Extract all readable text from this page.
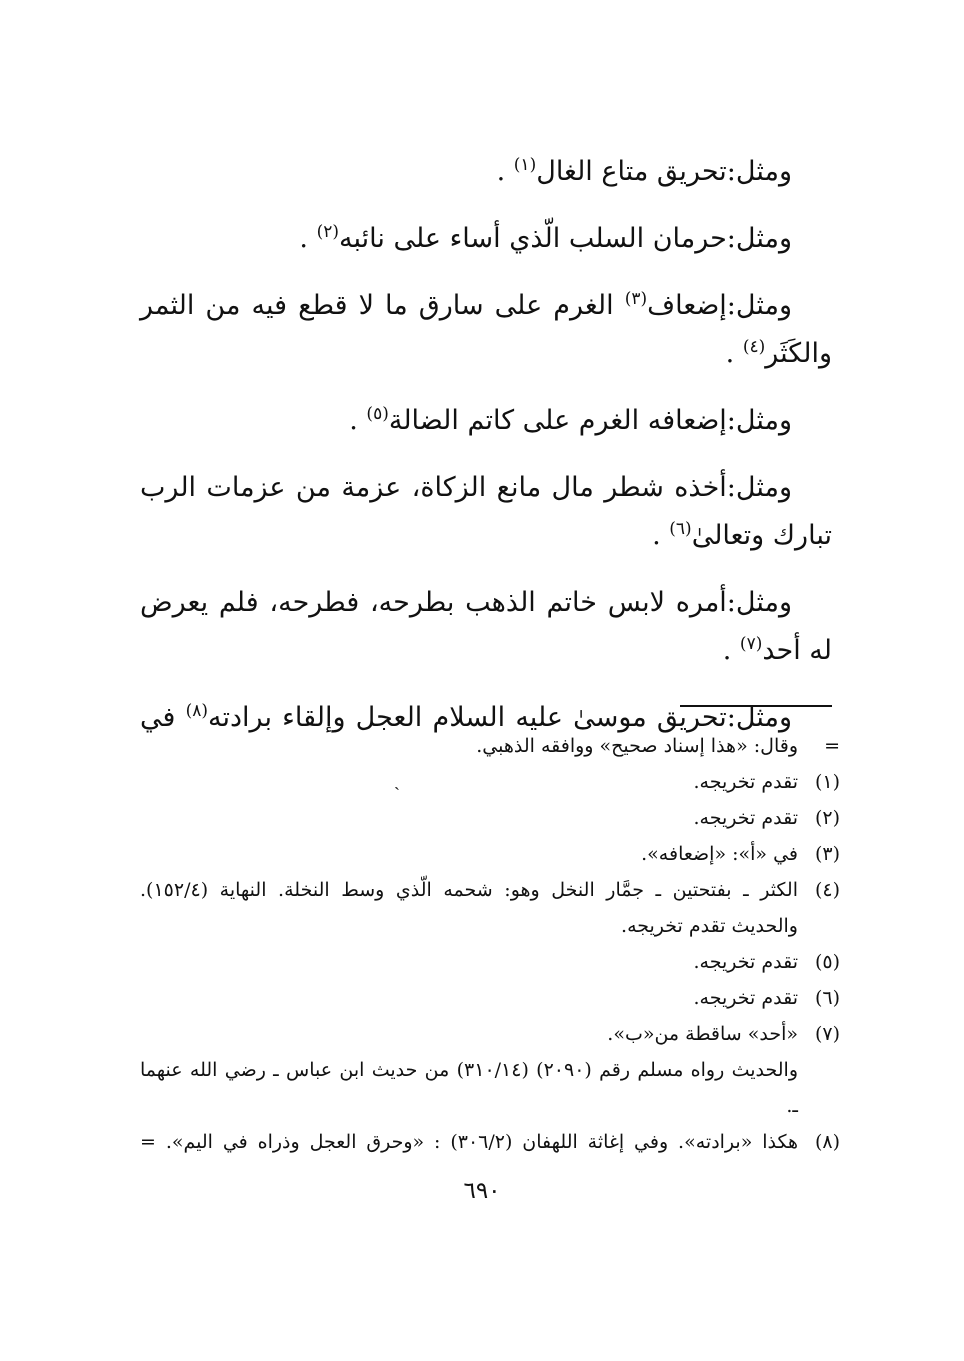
ومثل:تحريق متاع الغال$^{(١)}$ .

ومثل:حرمان السلب الّذي أساء على نائبه$^{(٢)}$ .

ومثل:إضعاف$^{(٣)}$ الغرم على سارق ما لا قطع فيه من الثمر والكَثَر$^{(٤)}$ .

ومثل:إضعافه الغرم على كاتم الضالة$^{(٥)}$ .

ومثل:أخذه شطر مال مانع الزكاة، عزمة من عزمات الرب تبارك وتعالىٰ$^{(٦)}$ .

ومثل:أمره لابس خاتم الذهب بطرحه، فطرحه، فلم يعرض له أحد$^{(٧)}$ .

ومثل:تحريق موسىٰ عليه السلام العجل وإلقاء برادته$^{(٨)}$ في

=
وقال: «هذا إسناد صحيح» ووافقه الذهبي.
(١)
تقدم تخريجه.
(٢)
تقدم تخريجه.
(٣)
في «أ»: «إضعافه».
(٤)
الكثر ـ بفتحتين ـ جمَّار النخل وهو: شحمه الّذي وسط النخلة. النهاية (١٥٢/٤). والحديث تقدم تخريجه.
(٥)
تقدم تخريجه.
(٦)
تقدم تخريجه.
(٧)
«أحد» ساقطة من«ب».
والحديث رواه مسلم رقم (٢٠٩٠) (٣١٠/١٤) من حديث ابن عباس ـ رضي الله عنهما ـ.
(٨)
هكذا «برادته». وفي إغاثة اللهفان (٣٠٦/٢) : «وحرق العجل وذراه في اليم». =
ˏ
٦٩٠
